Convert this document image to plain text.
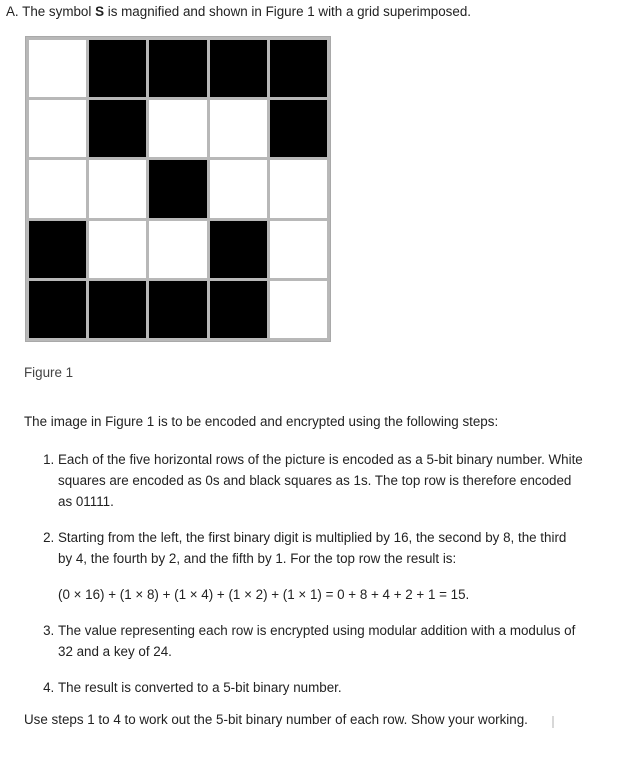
A. The symbol S is magnified and shown in Figure 1 with a grid superimposed.
Figure 1
The image in Figure 1 is to be encoded and encrypted using the following steps:
1. Each of the five horizontal rows of the picture is encoded as a 5-bit binary number. White squares are encoded as 0s and black squares as 1s. The top row is therefore encoded as 01111.
2. Starting from the left, the first binary digit is multiplied by 16, the second by 8, the third by 4, the fourth by 2, and the fifth by 1. For the top row the result is:
(0 × 16) + (1 × 8) + (1 × 4) + (1 × 2) + (1 × 1) = 0 + 8 + 4 + 2 + 1 = 15.
3. The value representing each row is encrypted using modular addition with a modulus of 32 and a key of 24.
4. The result is converted to a 5-bit binary number.
Use steps 1 to 4 to work out the 5-bit binary number of each row. Show your working.
